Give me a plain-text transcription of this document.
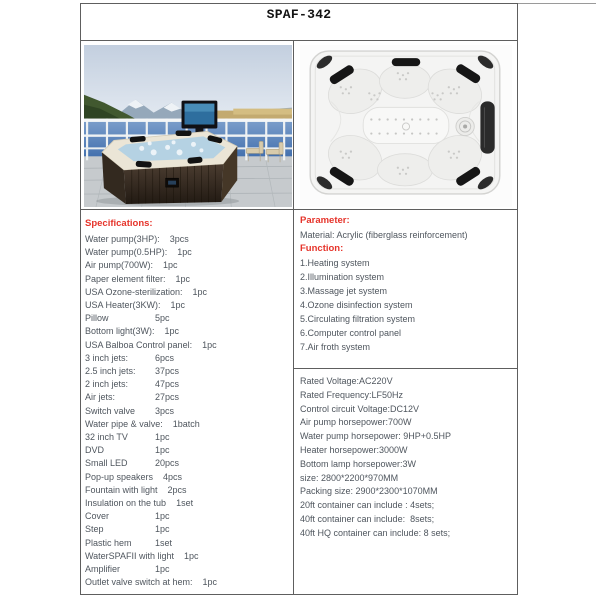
SPAF-342
Specifications:
Water pump(3HP): 3pcs
Water pump(0.5HP): 1pc
Air pump(700W): 1pc
Paper element filter: 1pc
USA Ozone-sterilization: 1pc
USA Heater(3KW): 1pc
Pillow	5pc
Bottom light(3W): 1pc
USA Balboa Control panel: 1pc
3 inch jets:	6pcs
2.5 inch jets: 37pcs
2 inch jets:	47pcs
Air jets:	27pcs
Switch valve 3pcs
Water pipe & valve: 1batch
32 inch TV	1pc
DVD	1pc
Small LED	20pcs
Pop-up speakers 4pcs
Fountain with light 2pcs
Insulation on the tub 1set
Cover	1pc
Step	1pc
Plastic hem	1set
WaterSPAFII with light 1pc
Amplifier	1pc
Outlet valve switch at hem: 1pc
Parameter:
Material: Acrylic (fiberglass reinforcement)
Function:
1.Heating system
2.Illumination system
3.Massage jet system
4.Ozone disinfection system
5.Circulating filtration system
6.Computer control panel
7.Air froth system
Rated Voltage:AC220V
Rated Frequency:LF50Hz
Control circuit Voltage:DC12V
Air pump horsepower:700W
Water pump horsepower: 9HP+0.5HP
Heater horsepower:3000W
Bottom lamp horsepower:3W
size: 2800*2200*970MM
Packing size: 2900*2300*1070MM
20ft container can include : 4sets;
40ft container can include:  8sets;
40ft HQ container can include: 8 sets;
